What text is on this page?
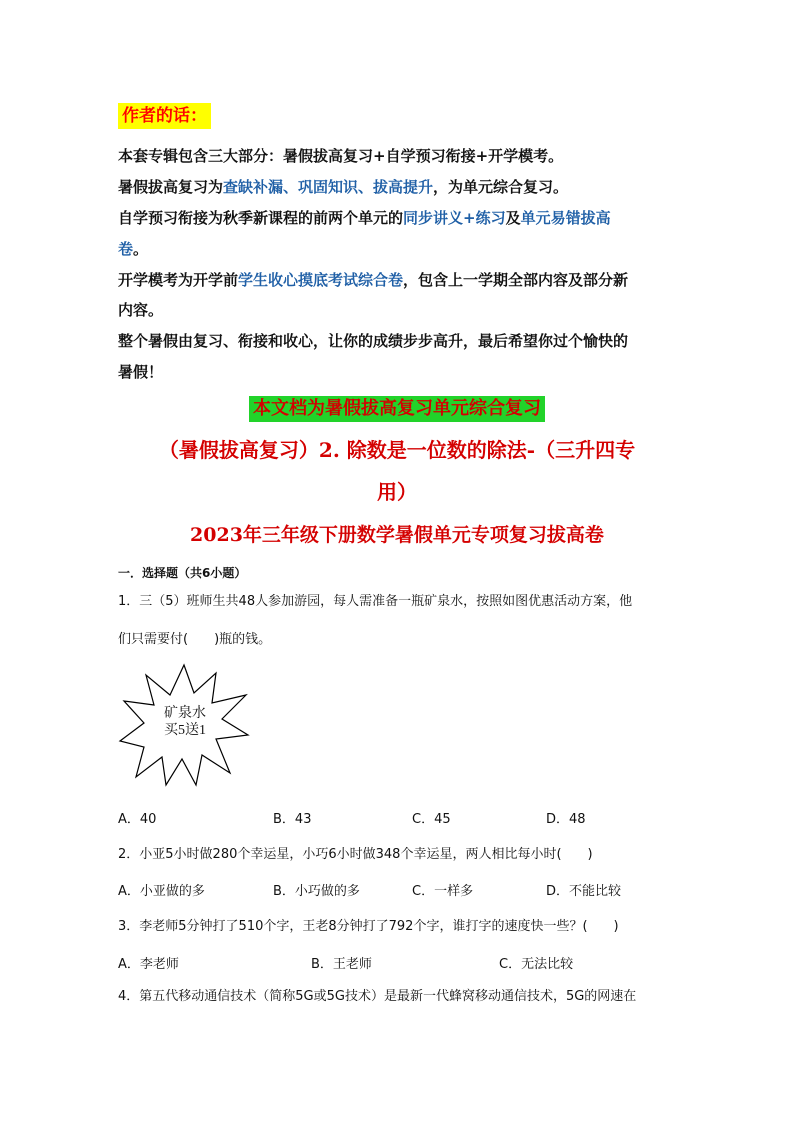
作者的话：
本套专辑包含三大部分：暑假拔高复习+自学预习衔接+开学模考。
暑假拔高复习为查缺补漏、巩固知识、拔高提升，为单元综合复习。
自学预习衔接为秋季新课程的前两个单元的同步讲义+练习及单元易错拔高
卷。
开学模考为开学前学生收心摸底考试综合卷，包含上一学期全部内容及部分新
内容。
整个暑假由复习、衔接和收心，让你的成绩步步高升，最后希望你过个愉快的
暑假！
本文档为暑假拔高复习单元综合复习
（暑假拔高复习）2. 除数是一位数的除法-（三升四专
用）
2023年三年级下册数学暑假单元专项复习拔高卷
一．选择题（共6小题）
1．三（5）班师生共48人参加游园，每人需准备一瓶矿泉水，按照如图优惠活动方案，他
们只需要付(　　)瓶的钱。
矿泉水
买5送1
A．40	B．43	C．45	D．48
2．小亚5小时做280个幸运星，小巧6小时做348个幸运星，两人相比每小时(　　)
A．小亚做的多	B．小巧做的多	C．一样多	D．不能比较
3．李老师5分钟打了510个字，王老8分钟打了792个字，谁打字的速度快一些？(　　)
A．李老师	B．王老师	C．无法比较
4．第五代移动通信技术（简称5G或5G技术）是最新一代蜂窝移动通信技术，5G的网速在
